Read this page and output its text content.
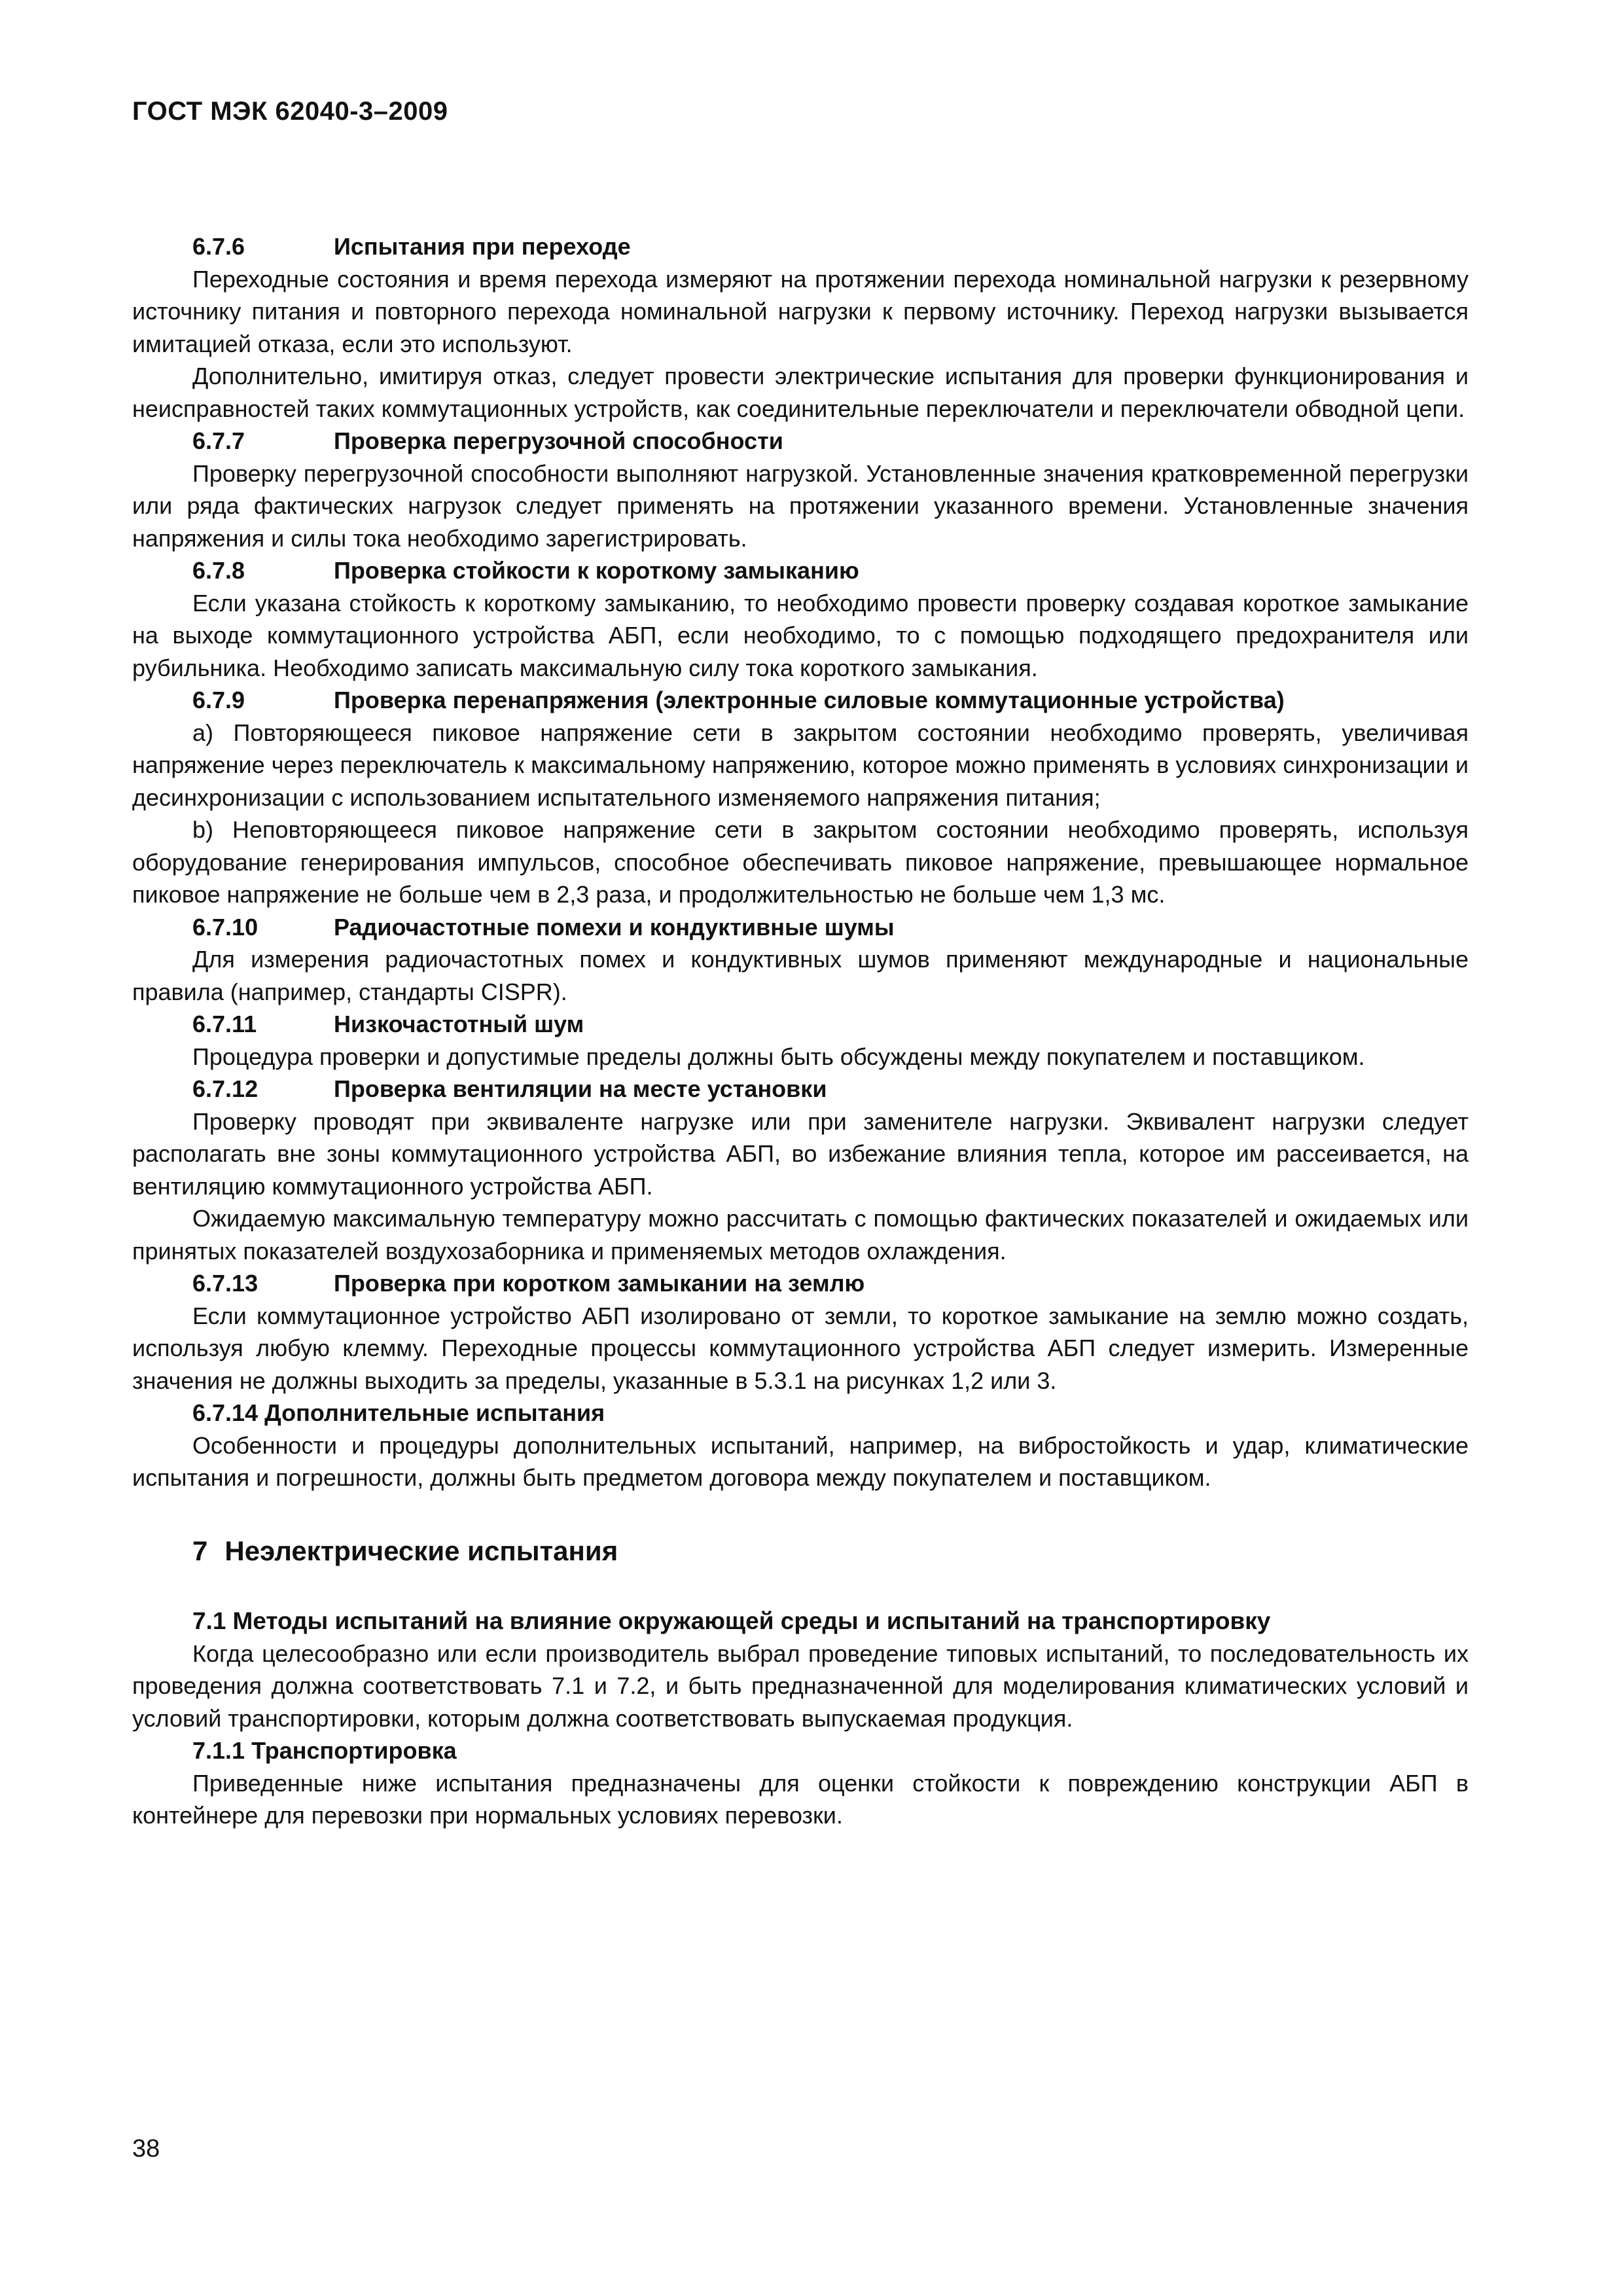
ГОСТ МЭК 62040-3–2009
6.7.6	Испытания при переходе

Переходные состояния и время перехода измеряют на протяжении перехода номинальной нагрузки к резервному источнику питания и повторного перехода номинальной нагрузки к первому источнику. Переход нагрузки вызывается имитацией отказа, если это используют.

Дополнительно, имитируя отказ, следует провести электрические испытания для проверки функционирования и неисправностей таких коммутационных устройств, как соединительные переключатели и переключатели обводной цепи.

6.7.7	Проверка перегрузочной способности

Проверку перегрузочной способности выполняют нагрузкой. Установленные значения кратковременной перегрузки или ряда фактических нагрузок следует применять на протяжении указанного времени. Установленные значения напряжения и силы тока необходимо зарегистрировать.

6.7.8	Проверка стойкости к короткому замыканию

Если указана стойкость к короткому замыканию, то необходимо провести проверку создавая короткое замыкание на выходе коммутационного устройства АБП, если необходимо, то с помощью подходящего предохранителя или рубильника. Необходимо записать максимальную силу тока короткого замыкания.

6.7.9	Проверка перенапряжения (электронные силовые коммутационные устройства)

а) Повторяющееся пиковое напряжение сети в закрытом состоянии необходимо проверять, увеличивая напряжение через переключатель к максимальному напряжению, которое можно применять в условиях синхронизации и десинхронизации с использованием испытательного изменяемого напряжения питания;

b) Неповторяющееся пиковое напряжение сети в закрытом состоянии необходимо проверять, используя оборудование генерирования импульсов, способное обеспечивать пиковое напряжение, превышающее нормальное пиковое напряжение не больше чем в 2,3 раза, и продолжительностью не больше чем 1,3 мс.

6.7.10	Радиочастотные помехи и кондуктивные шумы

Для измерения радиочастотных помех и кондуктивных шумов применяют международные и национальные правила (например, стандарты CISPR).

6.7.11	Низкочастотный шум

Процедура проверки и допустимые пределы должны быть обсуждены между покупателем и поставщиком.

6.7.12	Проверка вентиляции на месте установки

Проверку проводят при эквиваленте нагрузке или при заменителе нагрузки. Эквивалент нагрузки следует располагать вне зоны коммутационного устройства АБП, во избежание влияния тепла, которое им рассеивается, на вентиляцию коммутационного устройства АБП.

Ожидаемую максимальную температуру можно рассчитать с помощью фактических показателей и ожидаемых или принятых показателей воздухозаборника и применяемых методов охлаждения.

6.7.13	Проверка при коротком замыкании на землю

Если коммутационное устройство АБП изолировано от земли, то короткое замыкание на землю можно создать, используя любую клемму. Переходные процессы коммутационного устройства АБП следует измерить. Измеренные значения не должны выходить за пределы, указанные в 5.3.1 на рисунках 1,2 или 3.

6.7.14 Дополнительные испытания

Особенности и процедуры дополнительных испытаний, например, на вибростойкость и удар, климатические испытания и погрешности, должны быть предметом договора между покупателем и поставщиком.

7 Неэлектрические испытания
7.1 Методы испытаний на влияние окружающей среды и испытаний на транспортировку

Когда целесообразно или если производитель выбрал проведение типовых испытаний, то последовательность их проведения должна соответствовать 7.1 и 7.2, и быть предназначенной для моделирования климатических условий и условий транспортировки, которым должна соответствовать выпускаемая продукция.

7.1.1 Транспортировка

Приведенные ниже испытания предназначены для оценки стойкости к повреждению конструкции АБП в контейнере для перевозки при нормальных условиях перевозки.

38
